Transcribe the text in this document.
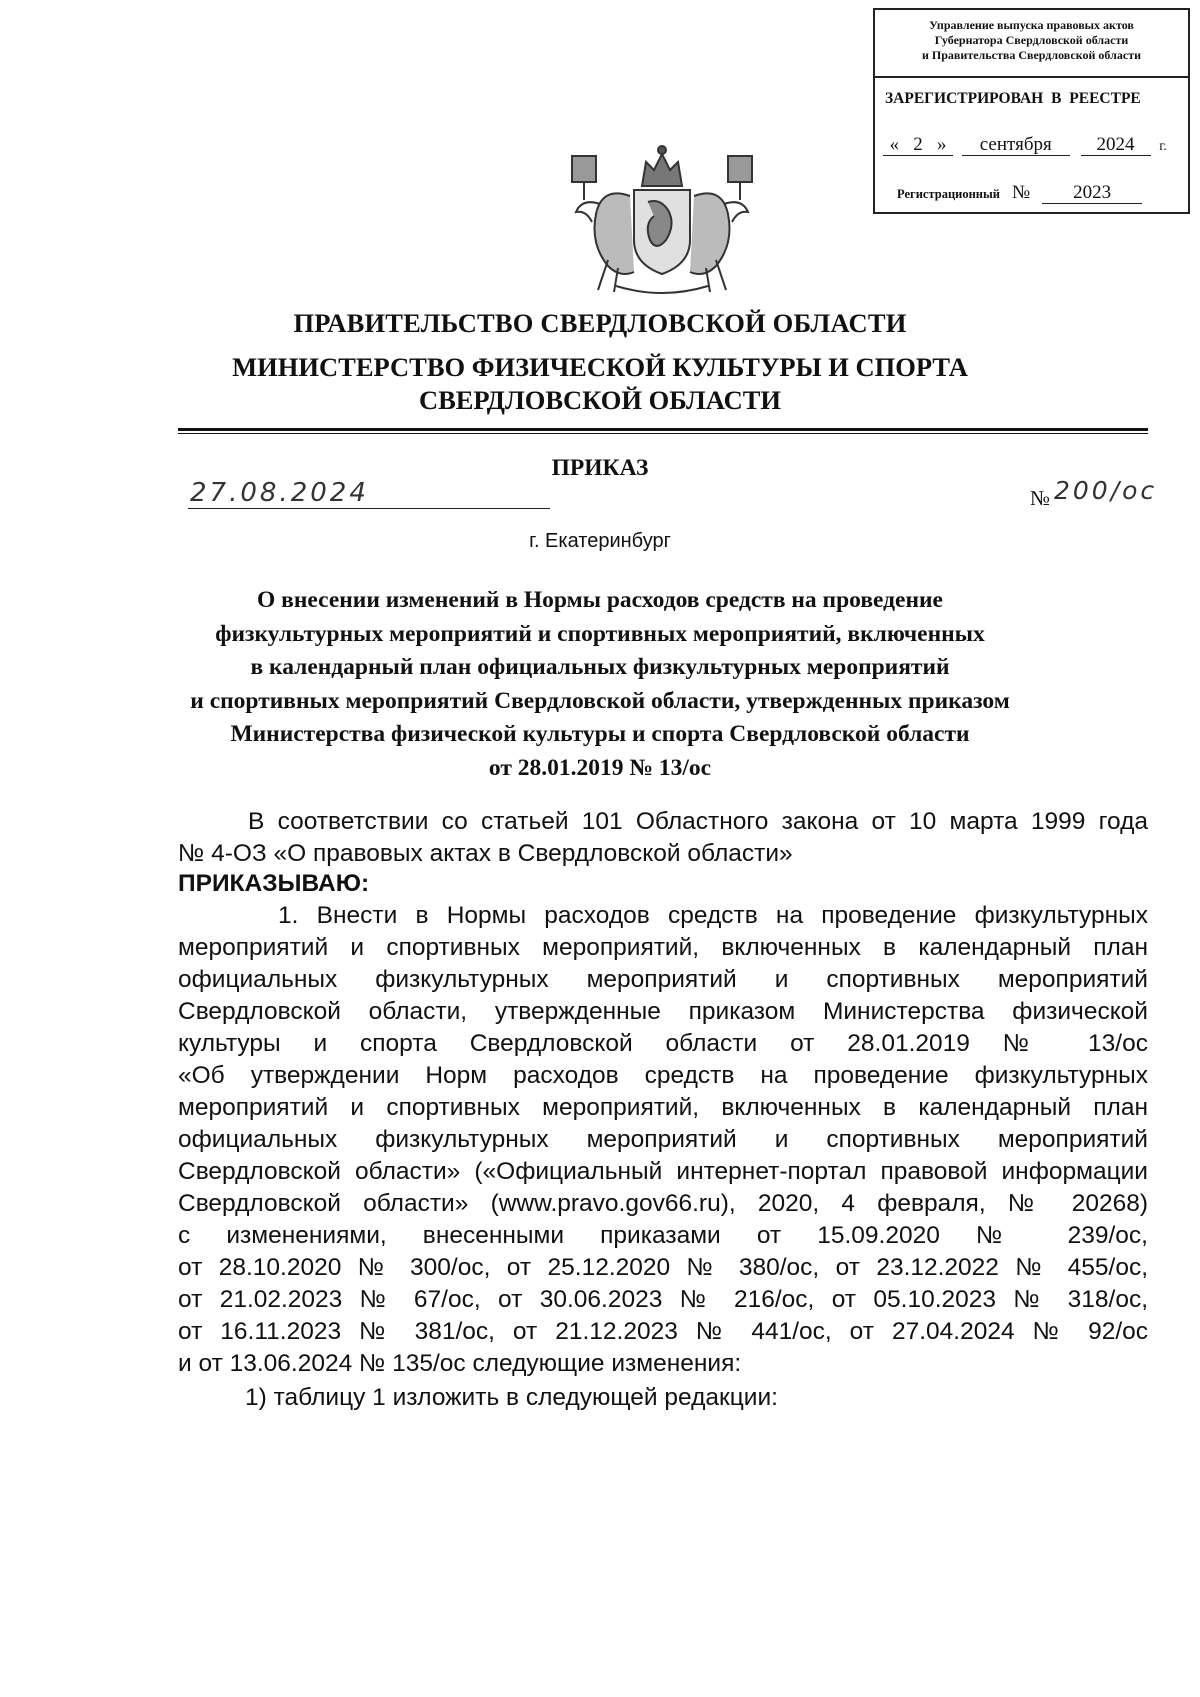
Управление выпуска правовых актов
Губернатора Свердловской области
и Правительства Свердловской области
ЗАРЕГИСТРИРОВАН В РЕЕСТРЕ
« 2 » сентября 2024 г.
Регистрационный № 2023
ПРАВИТЕЛЬСТВО СВЕРДЛОВСКОЙ ОБЛАСТИ
МИНИСТЕРСТВО ФИЗИЧЕСКОЙ КУЛЬТУРЫ И СПОРТА
СВЕРДЛОВСКОЙ ОБЛАСТИ
ПРИКАЗ
27.08.2024	№ 200/ос
г. Екатеринбург
О внесении изменений в Нормы расходов средств на проведение
физкультурных мероприятий и спортивных мероприятий, включенных
в календарный план официальных физкультурных мероприятий
и спортивных мероприятий Свердловской области, утвержденных приказом
Министерства физической культуры и спорта Свердловской области
от 28.01.2019 № 13/ос
В соответствии со статьей 101 Областного закона от 10 марта 1999 года
№ 4-ОЗ «О правовых актах в Свердловской области»
ПРИКАЗЫВАЮ:
1. Внести в Нормы расходов средств на проведение физкультурных
мероприятий и спортивных мероприятий, включенных в календарный план
официальных физкультурных мероприятий и спортивных мероприятий
Свердловской области, утвержденные приказом Министерства физической
культуры и спорта Свердловской области от 28.01.2019 № 13/ос
«Об утверждении Норм расходов средств на проведение физкультурных
мероприятий и спортивных мероприятий, включенных в календарный план
официальных физкультурных мероприятий и спортивных мероприятий
Свердловской области» («Официальный интернет-портал правовой информации
Свердловской области» (www.pravo.gov66.ru), 2020, 4 февраля, № 20268)
с изменениями, внесенными приказами от 15.09.2020 № 239/ос,
от 28.10.2020 № 300/ос, от 25.12.2020 № 380/ос, от 23.12.2022 № 455/ос,
от 21.02.2023 № 67/ос, от 30.06.2023 № 216/ос, от 05.10.2023 № 318/ос,
от 16.11.2023 № 381/ос, от 21.12.2023 № 441/ос, от 27.04.2024 № 92/ос
и от 13.06.2024 № 135/ос следующие изменения:
1) таблицу 1 изложить в следующей редакции:
